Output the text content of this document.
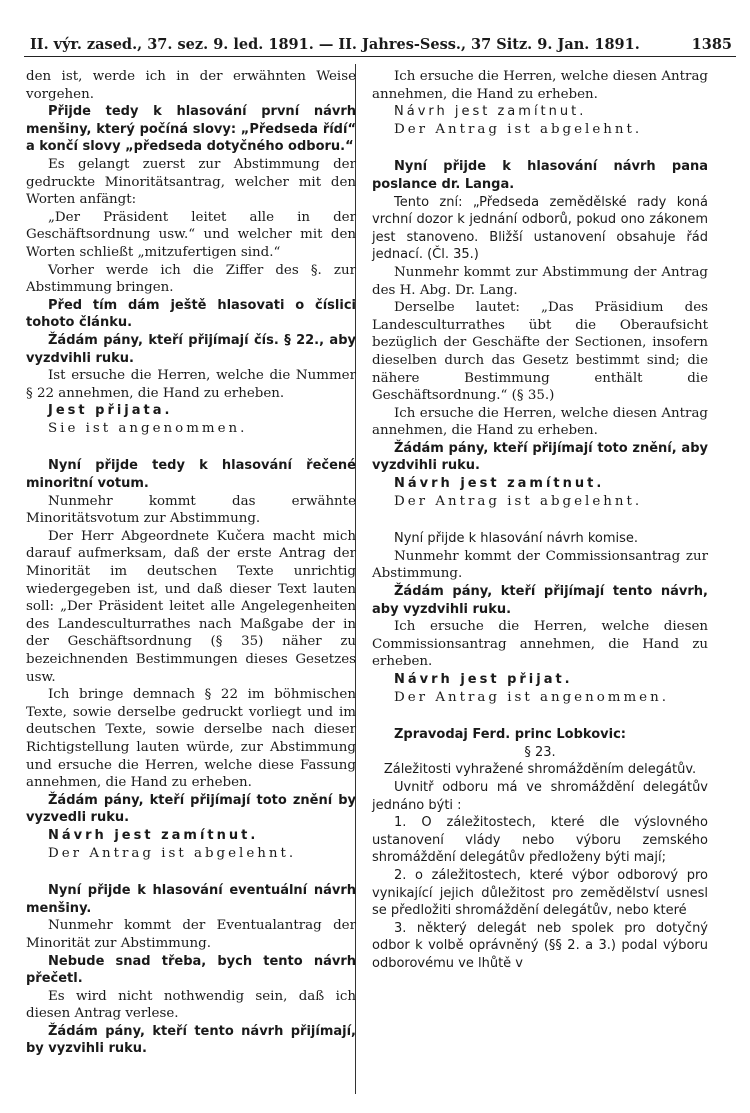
II. výr. zased., 37. sez. 9. led. 1891. — II. Jahres-Sess., 37 Sitz. 9. Jan. 1891.	1385

den ist, werde ich in der erwähnten Weise vorgehen.

Přijde tedy k hlasování první návrh menšiny, který počíná slovy: „Předseda řídí“ a končí slovy „předseda dotyčného odboru.“

Es gelangt zuerst zur Abstimmung der gedruckte Minoritätsantrag, welcher mit den Worten anfängt:

„Der Präsident leitet alle in der Geschäftsordnung usw.“ und welcher mit den Worten schließt „mitzufertigen sind.“

Vorher werde ich die Ziffer des §. zur Abstimmung bringen.

Před tím dám ještě hlasovati o číslici tohoto článku.

Žádám pány, kteří přijímají čís. § 22., aby vyzdvihli ruku.

Ist ersuche die Herren, welche die Nummer § 22 annehmen, die Hand zu erheben.

Jest přijata.

Sie ist angenommen.

Nyní přijde tedy k hlasování řečené minoritní votum.

Nunmehr kommt das erwähnte Minoritätsvotum zur Abstimmung.

Der Herr Abgeordnete Kučera macht mich darauf aufmerksam, daß der erste Antrag der Minorität im deutschen Texte unrichtig wiedergegeben ist, und daß dieser Text lauten soll: „Der Präsident leitet alle Angelegenheiten des Landesculturrathes nach Maßgabe der in der Geschäftsordnung (§ 35) näher zu bezeichnenden Bestimmungen dieses Gesetzes usw.

Ich bringe demnach § 22 im böhmischen Texte, sowie derselbe gedruckt vorliegt und im deutschen Texte, sowie derselbe nach dieser Richtigstellung lauten würde, zur Abstimmung und ersuche die Herren, welche diese Fassung annehmen, die Hand zu erheben.

Žádám pány, kteří přijímají toto znění by vyzvedli ruku.

Návrh jest zamítnut.

Der Antrag ist abgelehnt.

Nyní přijde k hlasování eventuální návrh menšiny.

Nunmehr kommt der Eventualantrag der Minorität zur Abstimmung.

Nebude snad třeba, bych tento návrh přečetl.

Es wird nicht nothwendig sein, daß ich diesen Antrag verlese.

Žádám pány, kteří tento návrh přijímají, by vyzvihli ruku.

Ich ersuche die Herren, welche diesen Antrag annehmen, die Hand zu erheben.

Návrh jest zamítnut.

Der Antrag ist abgelehnt.

Nyní přijde k hlasování návrh pana poslance dr. Langa.

Tento zní: „Předseda zemědělské rady koná vrchní dozor k jednání odborů, pokud ono zákonem jest stanoveno. Bližší ustanovení obsahuje řád jednací. (Čl. 35.)

Nunmehr kommt zur Abstimmung der Antrag des H. Abg. Dr. Lang.

Derselbe lautet: „Das Präsidium des Landesculturrathes übt die Oberaufsicht bezüglich der Geschäfte der Sectionen, insofern dieselben durch das Gesetz bestimmt sind; die nähere Bestimmung enthält die Geschäftsordnung.“ (§ 35.)

Ich ersuche die Herren, welche diesen Antrag annehmen, die Hand zu erheben.

Žádám pány, kteří přijímají toto znění, aby vyzdvihli ruku.

Návrh jest zamítnut.

Der Antrag ist abgelehnt.

Nyní přijde k hlasování návrh komise.

Nunmehr kommt der Commissionsantrag zur Abstimmung.

Žádám pány, kteří přijímají tento návrh, aby vyzdvihli ruku.

Ich ersuche die Herren, welche diesen Commissionsantrag annehmen, die Hand zu erheben.

Návrh jest přijat.

Der Antrag ist angenommen.

Zpravodaj Ferd. princ Lobkovic:

§ 23.

Záležitosti vyhražené shromážděním delegátův.

Uvnitř odboru má ve shromáždění delegátův jednáno býti :

1. O záležitostech, které dle výslovného ustanovení vlády nebo výboru zemského shromáždění delegátův předloženy býti mají;

2. o záležitostech, které výbor odborový pro vynikající jejich důležitost pro zemědělství usnesl se předložiti shromáždění delegátův, nebo které

3. některý delegát neb spolek pro dotyčný odbor k volbě oprávněný (§§ 2. a 3.) podal výboru odborovému ve lhůtě v
